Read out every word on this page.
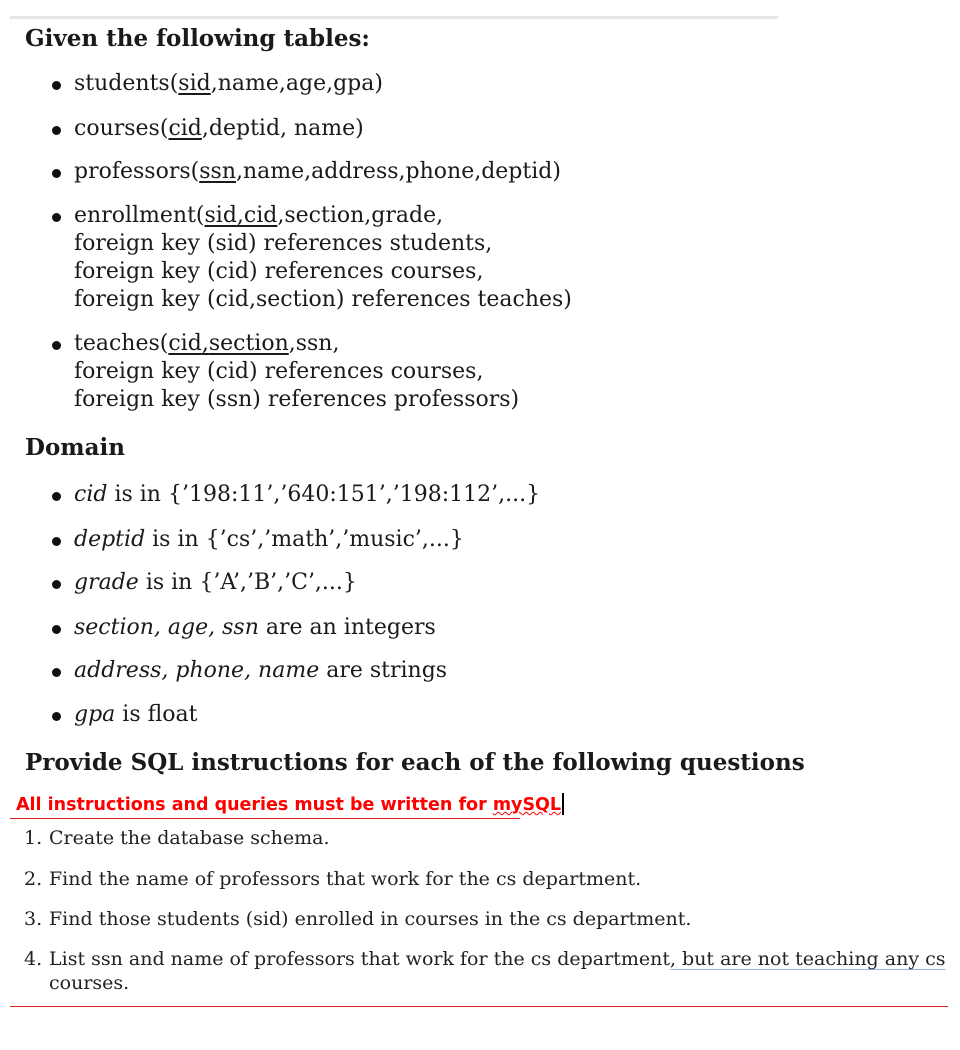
Given the following tables:
students(sid,name,age,gpa)
courses(cid,deptid, name)
professors(ssn,name,address,phone,deptid)
enrollment(sid,cid,section,grade,
foreign key (sid) references students,
foreign key (cid) references courses,
foreign key (cid,section) references teaches)
teaches(cid,section,ssn,
foreign key (cid) references courses,
foreign key (ssn) references professors)
Domain
cid is in {’198:11’,’640:151’,’198:112’,...}
deptid is in {’cs’,’math’,’music’,...}
grade is in {’A’,’B’,’C’,...}
section, age, ssn are an integers
address, phone, name are strings
gpa is float
Provide SQL instructions for each of the following questions
All instructions and queries must be written for mySQL
1. Create the database schema.
2. Find the name of professors that work for the cs department.
3. Find those students (sid) enrolled in courses in the cs department.
4. List ssn and name of professors that work for the cs department, but are not teaching any cs
courses.
